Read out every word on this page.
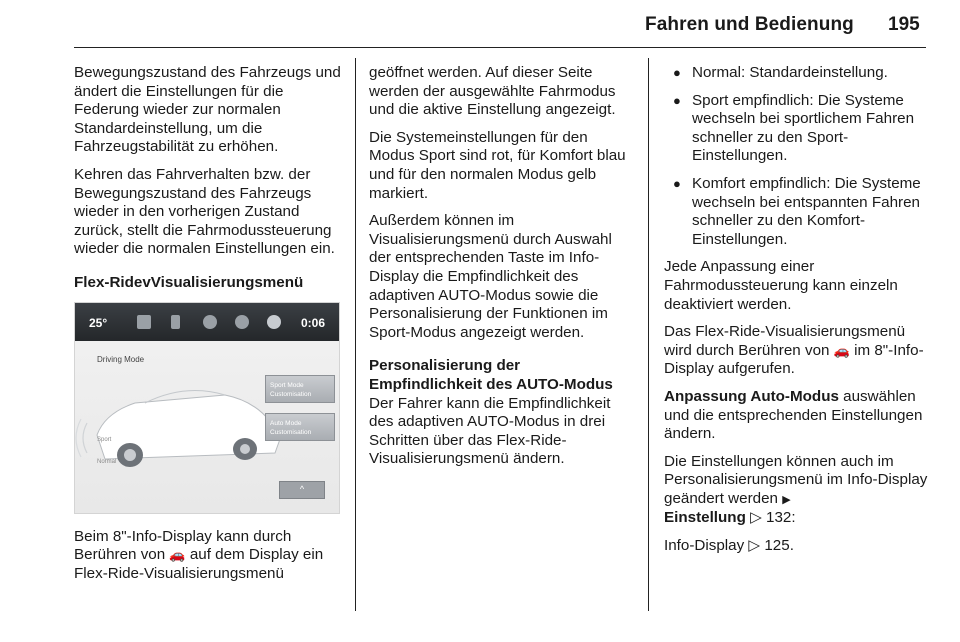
Fahren und Bedienung 195

Bewegungszustand des Fahrzeugs und ändert die Einstellungen für die Federung wieder zur normalen Standardeinstellung, um die Fahrzeugstabilität zu erhöhen.

Kehren das Fahrverhalten bzw. der Bewegungszustand des Fahrzeugs wieder in den vorherigen Zustand zurück, stellt die Fahrmodussteuerung wieder die normalen Einstellungen ein.

Flex-RidevVisualisierungsmenü

25°	0:06
Driving Mode
Sport
Normal
Sport Mode Customisation
Auto Mode Customisation
^

Beim 8"-Info-Display kann durch Berühren von 🚗 auf dem Display ein Flex-Ride-Visualisierungsmenü

geöffnet werden. Auf dieser Seite werden der ausgewählte Fahrmodus und die aktive Einstellung angezeigt.

Die Systemeinstellungen für den Modus Sport sind rot, für Komfort blau und für den normalen Modus gelb markiert.

Außerdem können im Visualisierungsmenü durch Auswahl der entsprechenden Taste im Info-Display die Empfindlichkeit des adaptiven AUTO-Modus sowie die Personalisierung der Funktionen im Sport-Modus angezeigt werden.

Personalisierung der Empfindlichkeit des AUTO-Modus

Der Fahrer kann die Empfindlichkeit des adaptiven AUTO-Modus in drei Schritten über das Flex-Ride-Visualisierungsmenü ändern.

● Normal: Standardeinstellung.
● Sport empfindlich: Die Systeme wechseln bei sportlichem Fahren schneller zu den Sport-Einstellungen.
● Komfort empfindlich: Die Systeme wechseln bei entspannten Fahren schneller zu den Komfort-Einstellungen.

Jede Anpassung einer Fahrmodussteuerung kann einzeln deaktiviert werden.

Das Flex-Ride-Visualisierungsmenü wird durch Berühren von 🚗 im 8"-Info-Display aufgerufen.

Anpassung Auto-Modus auswählen und die entsprechenden Einstellungen ändern.

Die Einstellungen können auch im Personalisierungsmenü im Info-Display geändert werden ▶
Einstellung ▷ 132:

Info-Display ▷ 125.
